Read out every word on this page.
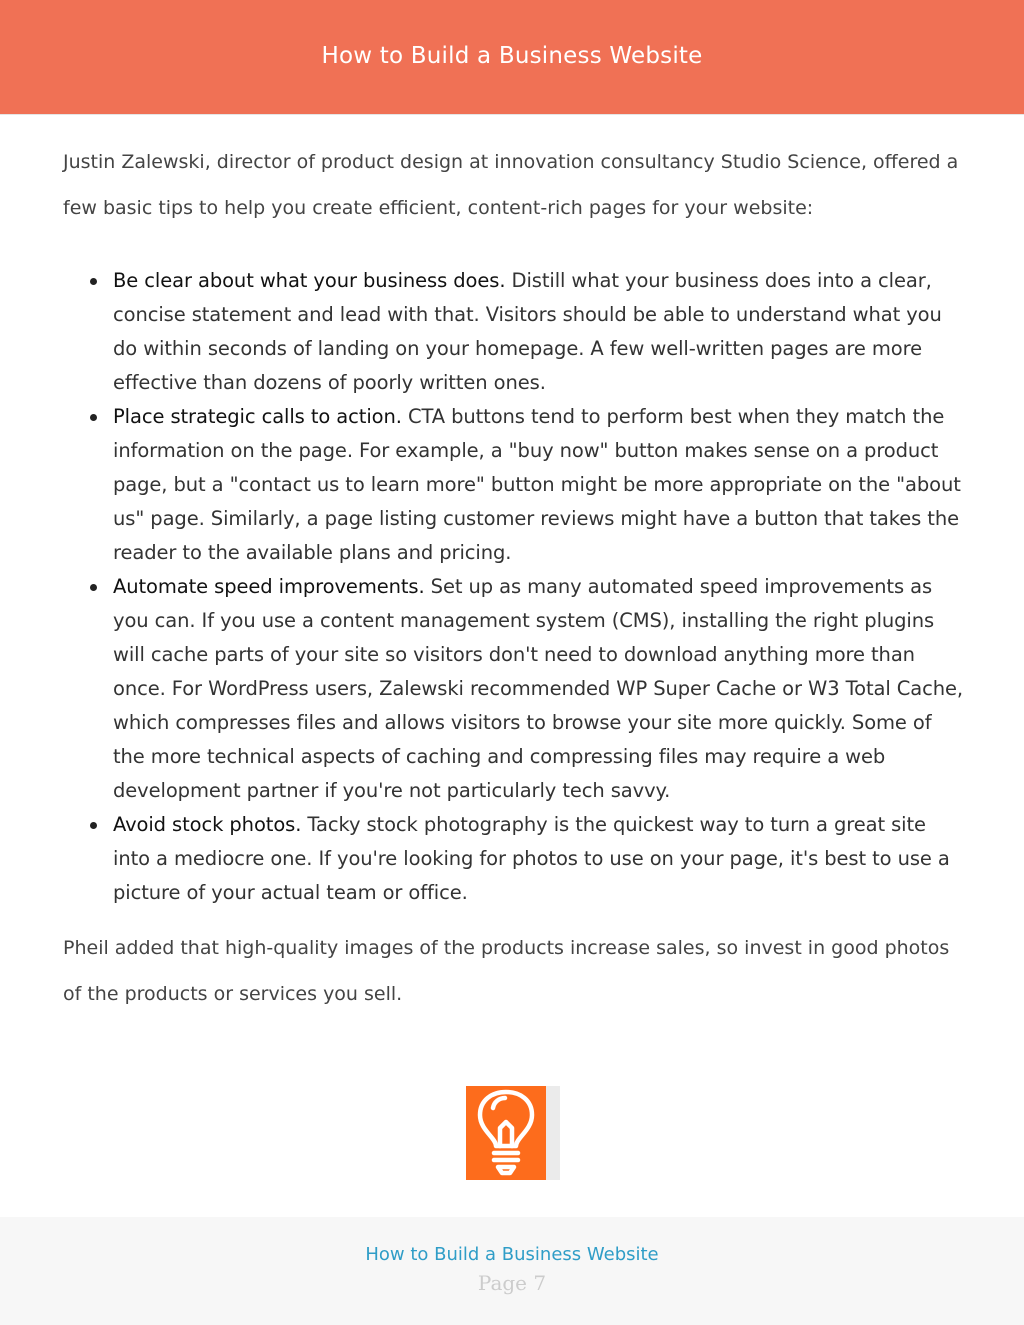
How to Build a Business Website

Justin Zalewski, director of product design at innovation consultancy Studio Science, offered a few basic tips to help you create efficient, content-rich pages for your website:

Be clear about what your business does. Distill what your business does into a clear, concise statement and lead with that. Visitors should be able to understand what you do within seconds of landing on your homepage. A few well-written pages are more effective than dozens of poorly written ones.
Place strategic calls to action. CTA buttons tend to perform best when they match the information on the page. For example, a "buy now" button makes sense on a product page, but a "contact us to learn more" button might be more appropriate on the "about us" page. Similarly, a page listing customer reviews might have a button that takes the reader to the available plans and pricing.
Automate speed improvements. Set up as many automated speed improvements as you can. If you use a content management system (CMS), installing the right plugins will cache parts of your site so visitors don't need to download anything more than once. For WordPress users, Zalewski recommended WP Super Cache or W3 Total Cache, which compresses files and allows visitors to browse your site more quickly. Some of the more technical aspects of caching and compressing files may require a web development partner if you're not particularly tech savvy.
Avoid stock photos. Tacky stock photography is the quickest way to turn a great site into a mediocre one. If you're looking for photos to use on your page, it's best to use a picture of your actual team or office.

Pheil added that high-quality images of the products increase sales, so invest in good photos of the products or services you sell.

How to Build a Business Website
Page 7
